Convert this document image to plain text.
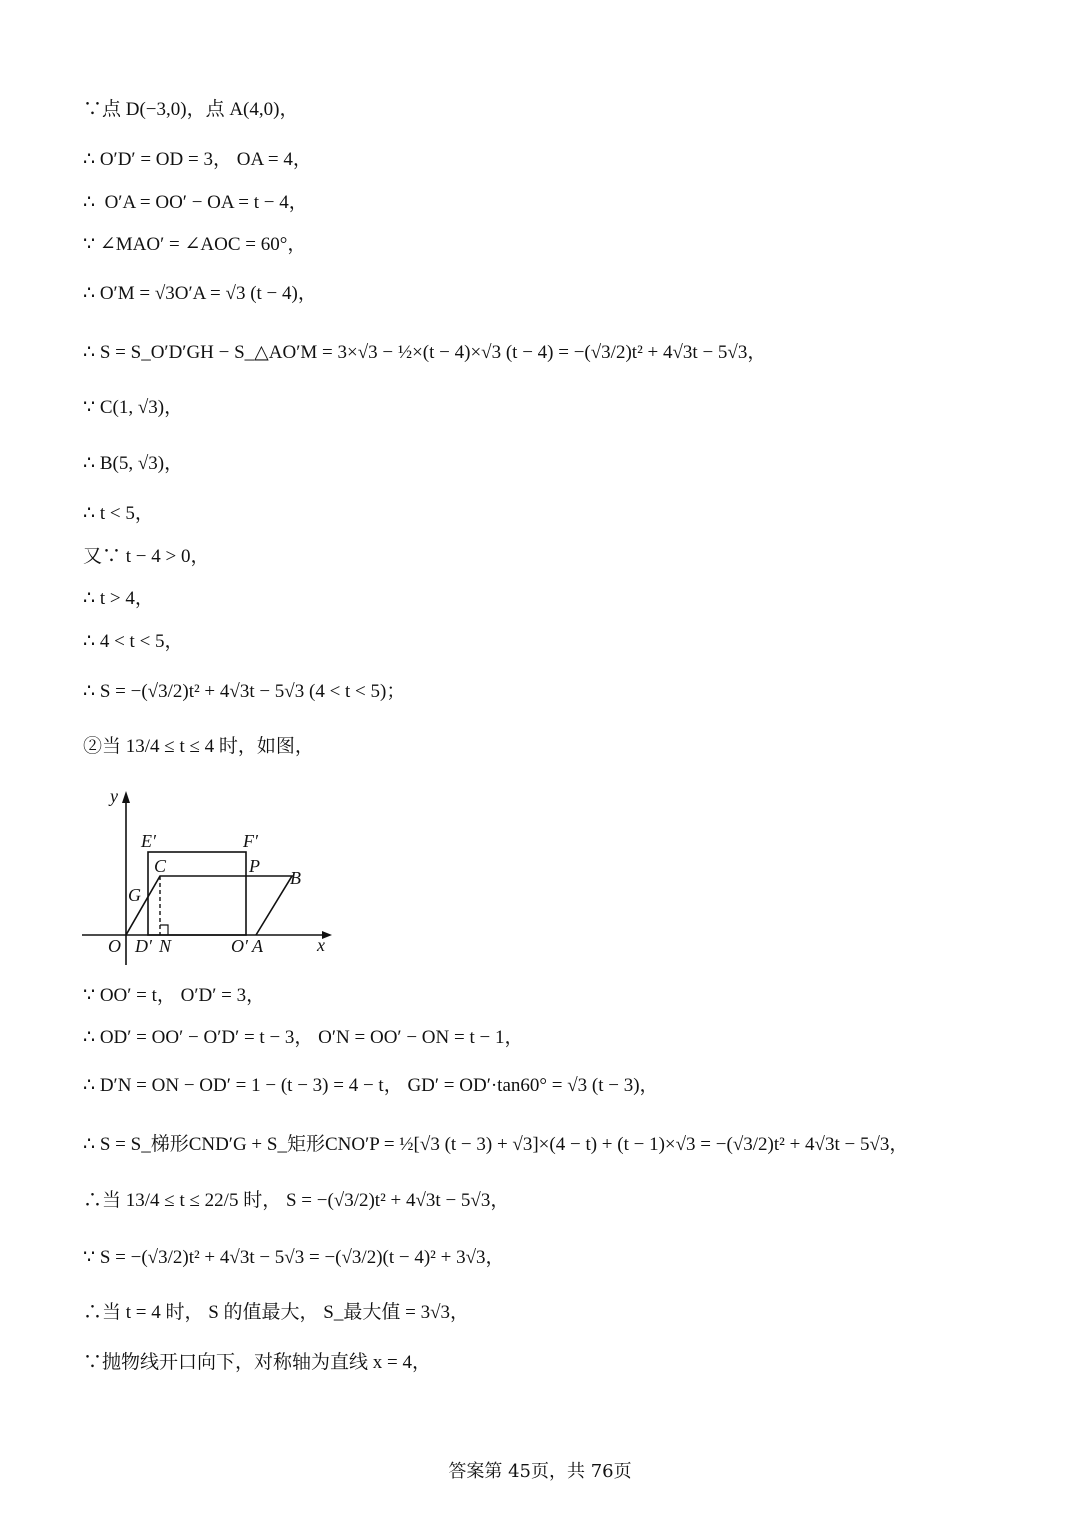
∵点 D(−3,0)，点 A(4,0)，
∴ O′D′ = OD = 3， OA = 4，
∴  O′A = OO′ − OA = t − 4，
∵ ∠MAO′ = ∠AOC = 60°，
∴ O′M = √3O′A = √3 (t − 4)，
∴ S = S_O′D′GH − S_△AO′M = 3×√3 − ½×(t − 4)×√3 (t − 4) = −(√3/2)t² + 4√3t − 5√3，
∵ C(1, √3)，
∴ B(5, √3)，
∴ t < 5，
又∵ t − 4 > 0，
∴ t > 4，
∴ 4 < t < 5，
∴ S = −(√3/2)t² + 4√3t − 5√3 (4 < t < 5)；
②当 13/4 ≤ t ≤ 4 时，如图，
y
x
E′	F′
C	P
B
G
O D′ N	O′ A
∵ OO′ = t， O′D′ = 3，
∴ OD′ = OO′ − O′D′ = t − 3， O′N = OO′ − ON = t − 1，
∴ D′N = ON − OD′ = 1 − (t − 3) = 4 − t， GD′ = OD′·tan60° = √3 (t − 3)，
∴ S = S_梯形CND′G + S_矩形CNO′P = ½[√3 (t − 3) + √3]×(4 − t) + (t − 1)×√3 = −(√3/2)t² + 4√3t − 5√3，
∴当 13/4 ≤ t ≤ 22/5 时， S = −(√3/2)t² + 4√3t − 5√3，
∵ S = −(√3/2)t² + 4√3t − 5√3 = −(√3/2)(t − 4)² + 3√3，
∴当 t = 4 时， S 的值最大， S_最大值 = 3√3，
∵抛物线开口向下，对称轴为直线 x = 4，
答案第 45页，共 76页
